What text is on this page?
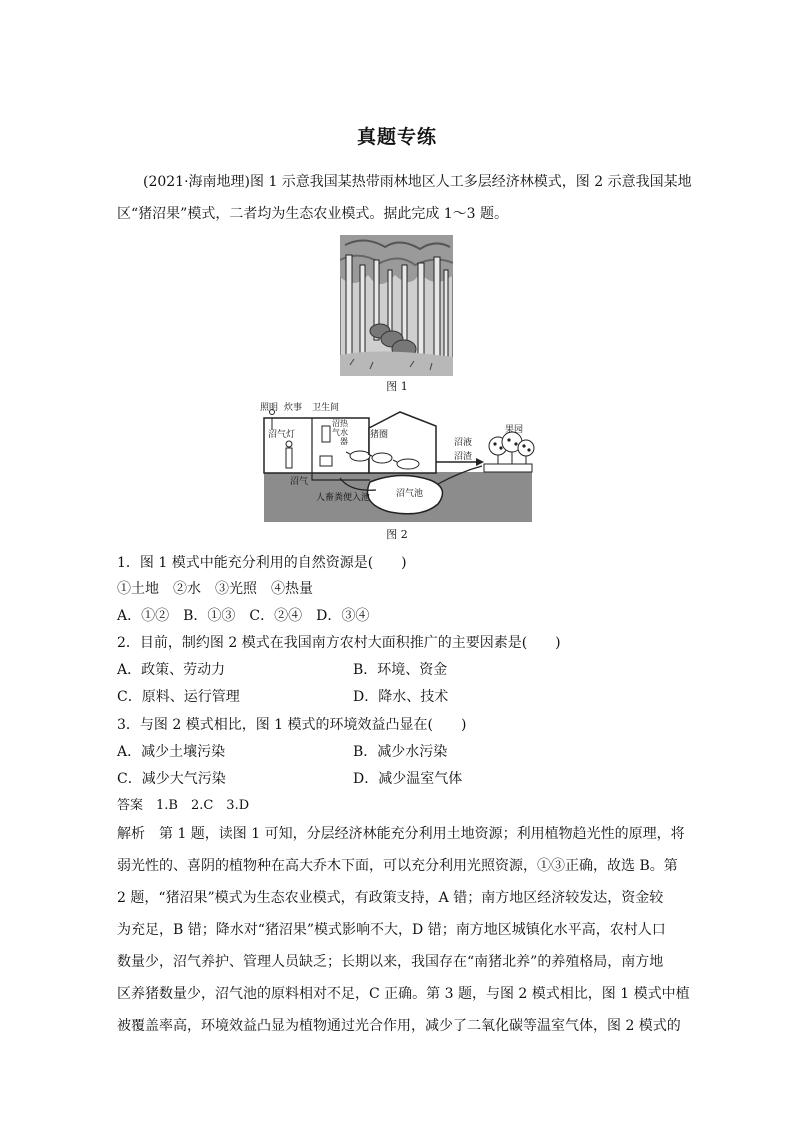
真题专练
(2021·海南地理)图 1 示意我国某热带雨林地区人工多层经济林模式，图 2 示意我国某地
区“猪沼果”模式，二者均为生态农业模式。据此完成 1～3 题。
图 1
照明 炊事 卫生间
沼气灯
沼 气 热 水 器
猪圈
沼液
沼渣
果园
沼气
人畜粪便入池	沼气池
图 2
1．图 1 模式中能充分利用的自然资源是(　　)
①土地　②水　③光照　④热量
A．①②　B．①③　C．②④　D．③④
2．目前，制约图 2 模式在我国南方农村大面积推广的主要因素是(　　)
A．政策、劳动力	B．环境、资金
C．原料、运行管理	D．降水、技术
3．与图 2 模式相比，图 1 模式的环境效益凸显在(　　)
A．减少土壤污染	B．减少水污染
C．减少大气污染	D．减少温室气体
答案　1.B　2.C　3.D
解析　第 1 题，读图 1 可知，分层经济林能充分利用土地资源；利用植物趋光性的原理，将
弱光性的、喜阴的植物种在高大乔木下面，可以充分利用光照资源，①③正确，故选 B。第
2 题，“猪沼果”模式为生态农业模式，有政策支持，A 错；南方地区经济较发达，资金较
为充足，B 错；降水对“猪沼果”模式影响不大，D 错；南方地区城镇化水平高，农村人口
数量少，沼气养护、管理人员缺乏；长期以来，我国存在“南猪北养”的养殖格局，南方地
区养猪数量少，沼气池的原料相对不足，C 正确。第 3 题，与图 2 模式相比，图 1 模式中植
被覆盖率高，环境效益凸显为植物通过光合作用，减少了二氧化碳等温室气体，图 2 模式的
